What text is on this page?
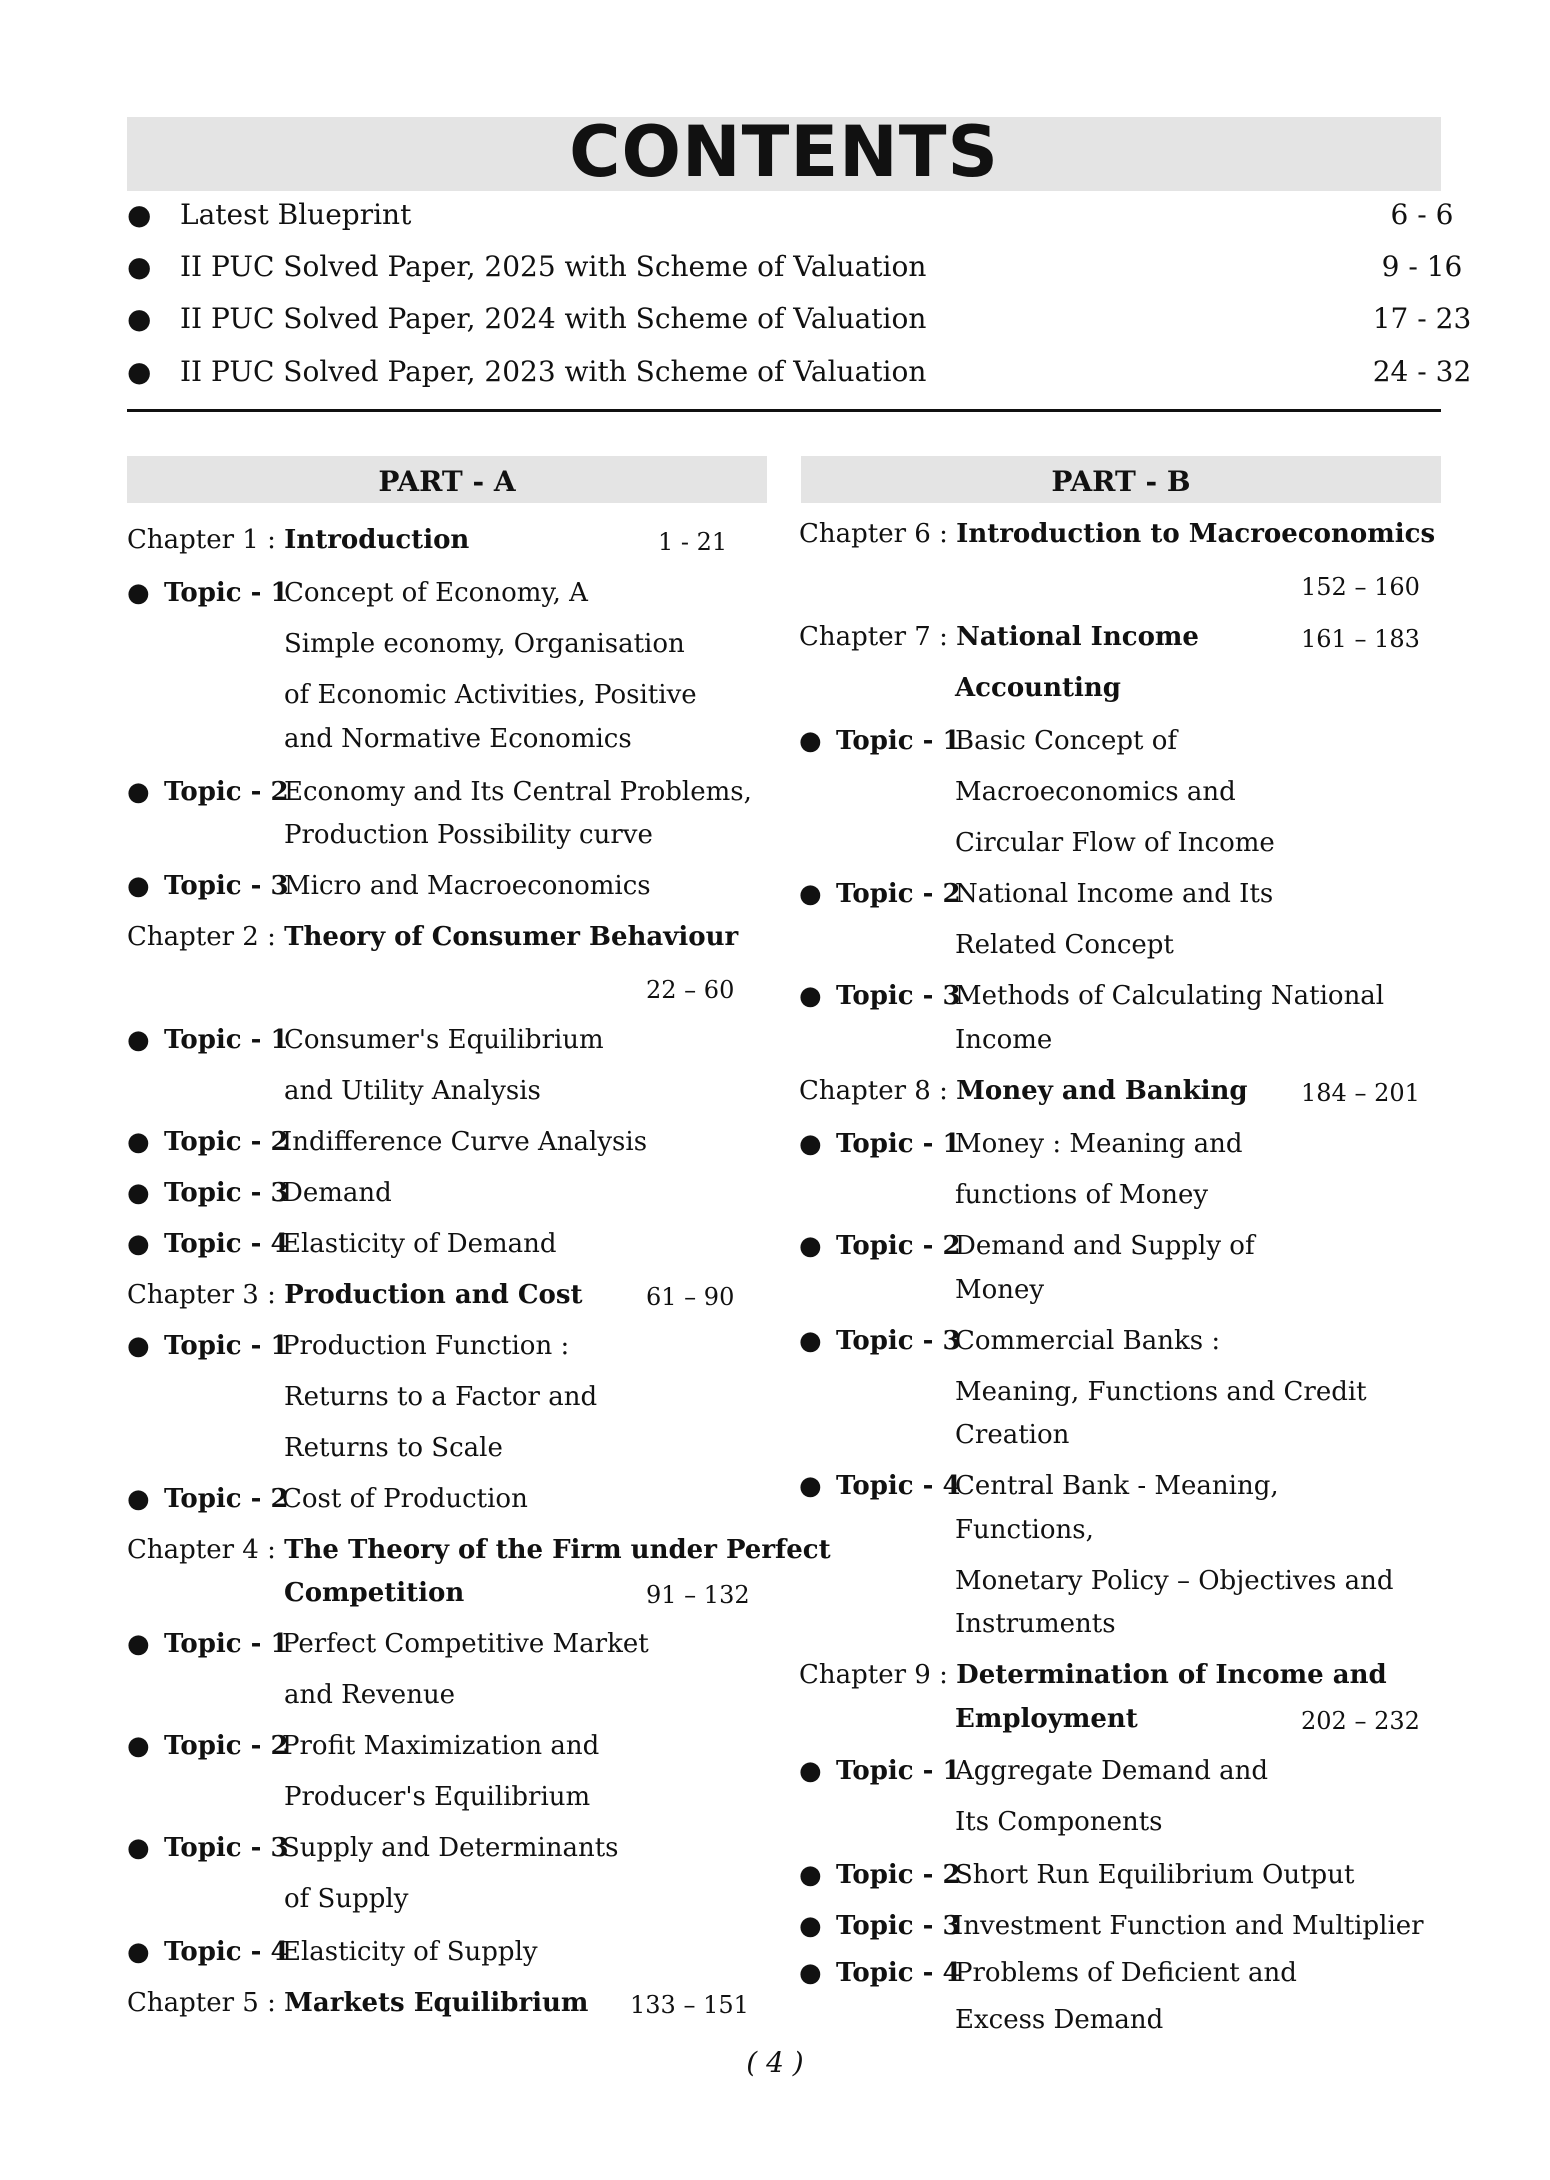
CONTENTS
● Latest Blueprint	6 - 6
● II PUC Solved Paper, 2025 with Scheme of Valuation	9 - 16
● II PUC Solved Paper, 2024 with Scheme of Valuation	17 - 23
● II PUC Solved Paper, 2023 with Scheme of Valuation	24 - 32
PART - A	PART - B
Chapter 1 : Introduction	1 - 21
● Topic - 1
Concept of Economy, A
Simple economy, Organisation
of Economic Activities, Positive
and Normative Economics
● Topic - 2
Economy and Its Central Problems,
Production Possibility curve
● Topic - 3
Micro and Macroeconomics
Chapter 2 : Theory of Consumer Behaviour
22 – 60
● Topic - 1
Consumer's Equilibrium
and Utility Analysis
● Topic - 2
Indifference Curve Analysis
● Topic - 3
Demand
● Topic - 4
Elasticity of Demand
Chapter 3 : Production and Cost	61 – 90
● Topic - 1
Production Function :
Returns to a Factor and
Returns to Scale
● Topic - 2
Cost of Production
Chapter 4 : The Theory of the Firm under Perfect
Competition	91 – 132
● Topic - 1
Perfect Competitive Market
and Revenue
● Topic - 2
Profit Maximization and
Producer's Equilibrium
● Topic - 3
Supply and Determinants
of Supply
● Topic - 4
Elasticity of Supply
Chapter 5 : Markets Equilibrium 133 – 151
Chapter 6 : Introduction to Macroeconomics
152 – 160
Chapter 7 : National Income	161 – 183
Accounting
● Topic - 1
Basic Concept of
Macroeconomics and
Circular Flow of Income
● Topic - 2
National Income and Its
Related Concept
● Topic - 3
Methods of Calculating National
Income
Chapter 8 : Money and Banking 184 – 201
● Topic - 1
Money : Meaning and
functions of Money
● Topic - 2
Demand and Supply of
Money
● Topic - 3
Commercial Banks :
Meaning, Functions and Credit
Creation
● Topic - 4
Central Bank - Meaning,
Functions,
Monetary Policy – Objectives and
Instruments
Chapter 9 : Determination of Income and
Employment	202 – 232
● Topic - 1
Aggregate Demand and
Its Components
● Topic - 2
Short Run Equilibrium Output
● Topic - 3
Investment Function and Multiplier
● Topic - 4
Problems of Deficient and
Excess Demand
( 4 )
